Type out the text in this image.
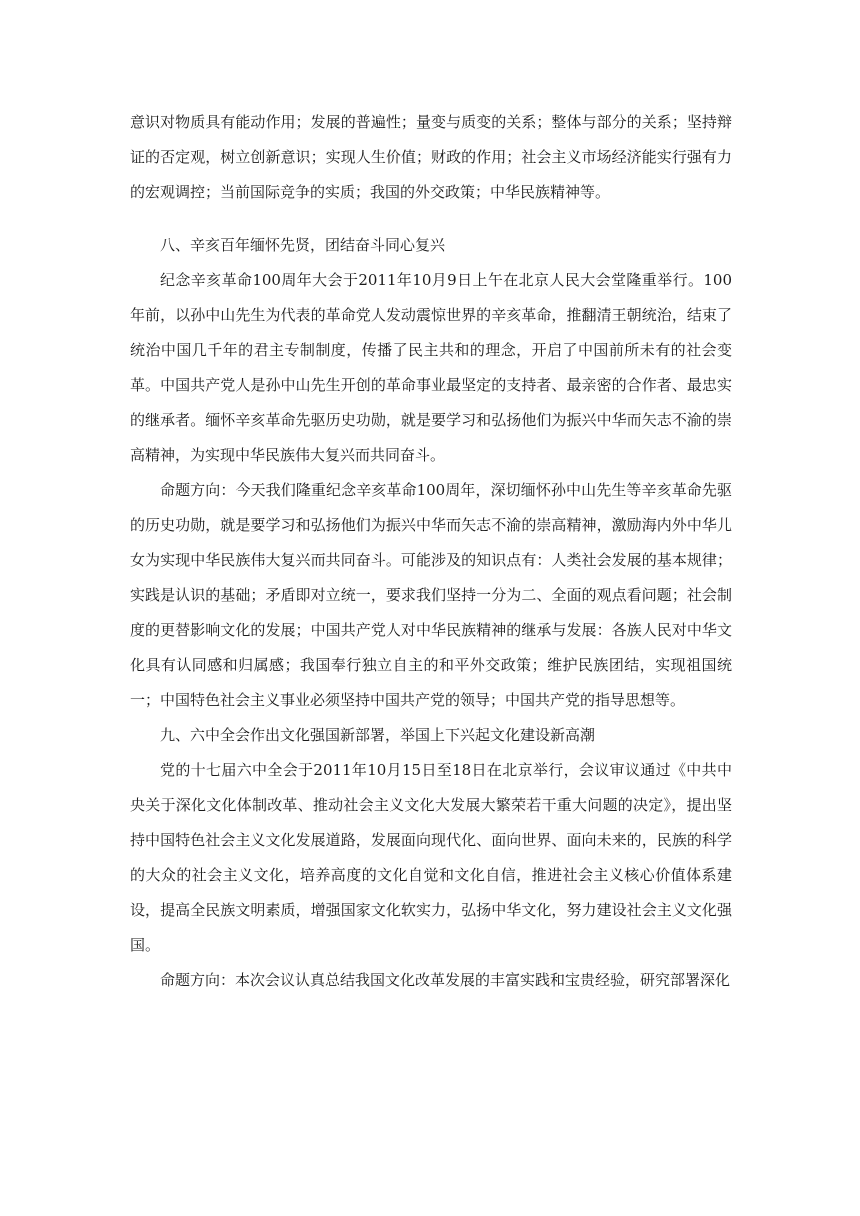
意识对物质具有能动作用；发展的普遍性；量变与质变的关系；整体与部分的关系；坚持辩证的否定观，树立创新意识；实现人生价值；财政的作用；社会主义市场经济能实行强有力的宏观调控；当前国际竞争的实质；我国的外交政策；中华民族精神等。

八、辛亥百年缅怀先贤，团结奋斗同心复兴

纪念辛亥革命100周年大会于2011年10月9日上午在北京人民大会堂隆重举行。100年前，以孙中山先生为代表的革命党人发动震惊世界的辛亥革命，推翻清王朝统治，结束了统治中国几千年的君主专制制度，传播了民主共和的理念，开启了中国前所未有的社会变革。中国共产党人是孙中山先生开创的革命事业最坚定的支持者、最亲密的合作者、最忠实的继承者。缅怀辛亥革命先驱历史功勋，就是要学习和弘扬他们为振兴中华而矢志不渝的崇高精神，为实现中华民族伟大复兴而共同奋斗。

命题方向：今天我们隆重纪念辛亥革命100周年，深切缅怀孙中山先生等辛亥革命先驱的历史功勋，就是要学习和弘扬他们为振兴中华而矢志不渝的崇高精神，激励海内外中华儿女为实现中华民族伟大复兴而共同奋斗。可能涉及的知识点有：人类社会发展的基本规律；实践是认识的基础；矛盾即对立统一，要求我们坚持一分为二、全面的观点看问题；社会制度的更替影响文化的发展；中国共产党人对中华民族精神的继承与发展：各族人民对中华文化具有认同感和归属感；我国奉行独立自主的和平外交政策；维护民族团结，实现祖国统一；中国特色社会主义事业必须坚持中国共产党的领导；中国共产党的指导思想等。

九、六中全会作出文化强国新部署，举国上下兴起文化建设新高潮

党的十七届六中全会于2011年10月15日至18日在北京举行，会议审议通过《中共中央关于深化文化体制改革、推动社会主义文化大发展大繁荣若干重大问题的决定》，提出坚持中国特色社会主义文化发展道路，发展面向现代化、面向世界、面向未来的，民族的科学的大众的社会主义文化，培养高度的文化自觉和文化自信，推进社会主义核心价值体系建设，提高全民族文明素质，增强国家文化软实力，弘扬中华文化，努力建设社会主义文化强国。

命题方向：本次会议认真总结我国文化改革发展的丰富实践和宝贵经验，研究部署深化
